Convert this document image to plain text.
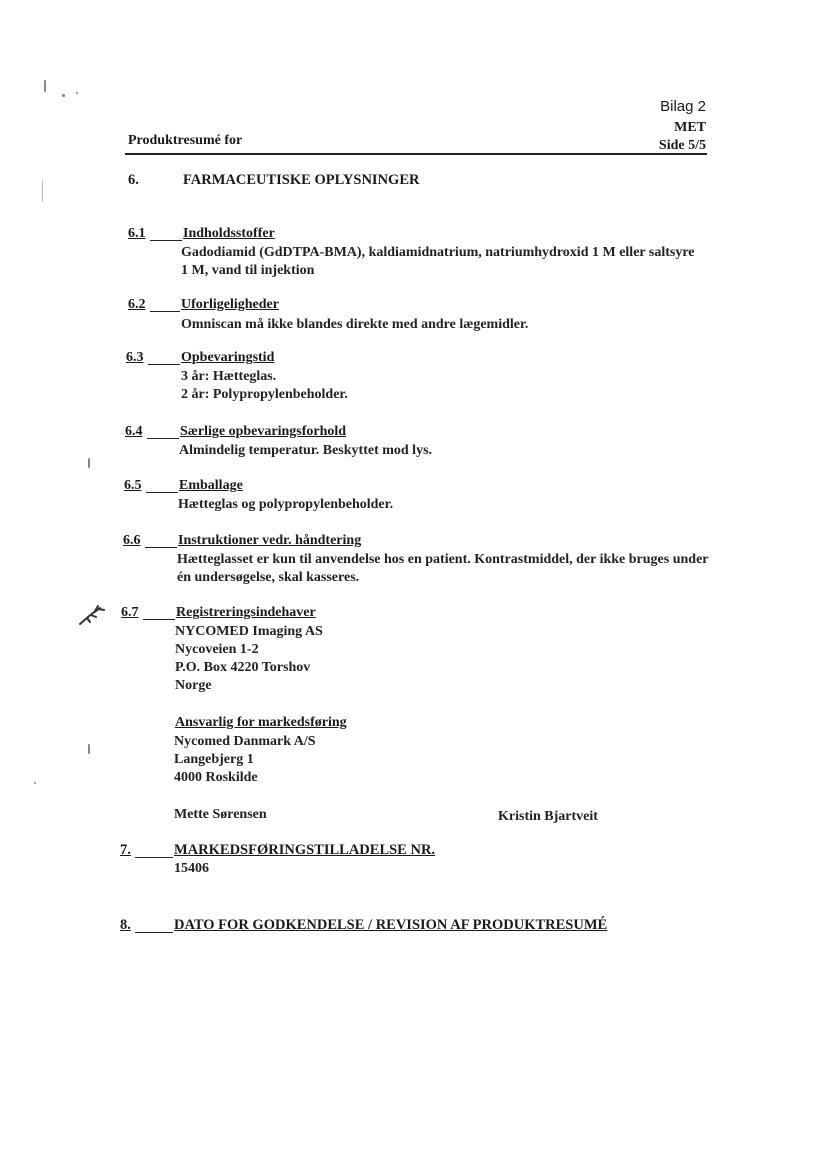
Bilag 2
MET
Produktresumé for	Side 5/5
6.	FARMACEUTISKE OPLYSNINGER
6.1	Indholdsstoffer
Gadodiamid (GdDTPA-BMA), kaldiamidnatrium, natriumhydroxid 1 M eller saltsyre
1 M, vand til injektion
6.2	Uforligeligheder
Omniscan må ikke blandes direkte med andre lægemidler.
6.3	Opbevaringstid
3 år: Hætteglas.
2 år: Polypropylenbeholder.
6.4	Særlige opbevaringsforhold
Almindelig temperatur. Beskyttet mod lys.
6.5	Emballage
Hætteglas og polypropylenbeholder.
6.6	Instruktioner vedr. håndtering
Hætteglasset er kun til anvendelse hos en patient. Kontrastmiddel, der ikke bruges under
én undersøgelse, skal kasseres.
6.7	Registreringsindehaver
NYCOMED Imaging AS
Nycoveien 1-2
P.O. Box 4220 Torshov
Norge
Ansvarlig for markedsføring
Nycomed Danmark A/S
Langebjerg 1
4000 Roskilde
Mette Sørensen	Kristin Bjartveit
7.	MARKEDSFØRINGSTILLADELSE NR.
15406
8.	DATO FOR GODKENDELSE / REVISION AF PRODUKTRESUMÉ
